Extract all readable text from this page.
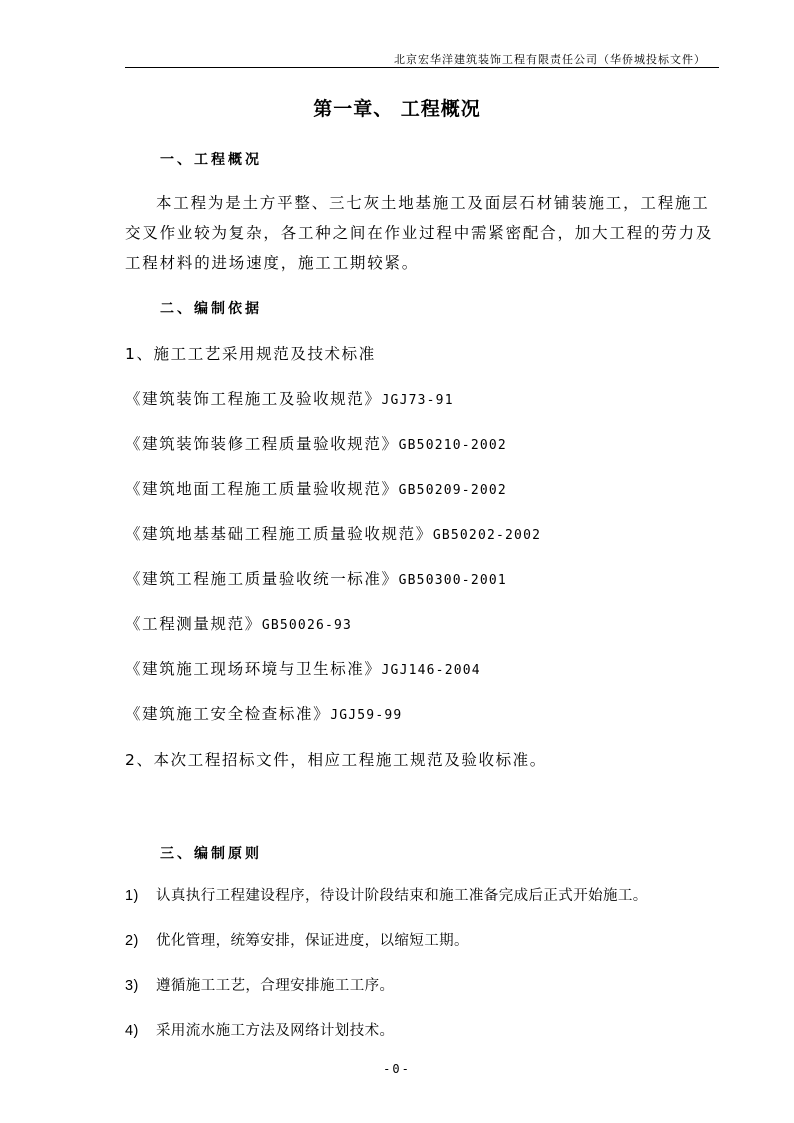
北京宏华洋建筑装饰工程有限责任公司（华侨城投标文件）
第一章、 工程概况
一、工程概况
本工程为是土方平整、三七灰土地基施工及面层石材铺装施工，工程施工交叉作业较为复杂，各工种之间在作业过程中需紧密配合，加大工程的劳力及工程材料的进场速度，施工工期较紧。
二、编制依据
1、施工工艺采用规范及技术标准
《建筑装饰工程施工及验收规范》JGJ73-91
《建筑装饰装修工程质量验收规范》GB50210-2002
《建筑地面工程施工质量验收规范》GB50209-2002
《建筑地基基础工程施工质量验收规范》GB50202-2002
《建筑工程施工质量验收统一标准》GB50300-2001
《工程测量规范》GB50026-93
《建筑施工现场环境与卫生标准》JGJ146-2004
《建筑施工安全检查标准》JGJ59-99
2、本次工程招标文件，相应工程施工规范及验收标准。
三、编制原则
1) 认真执行工程建设程序，待设计阶段结束和施工准备完成后正式开始施工。
2) 优化管理，统筹安排，保证进度，以缩短工期。
3) 遵循施工工艺，合理安排施工工序。
4) 采用流水施工方法及网络计划技术。
-0-
